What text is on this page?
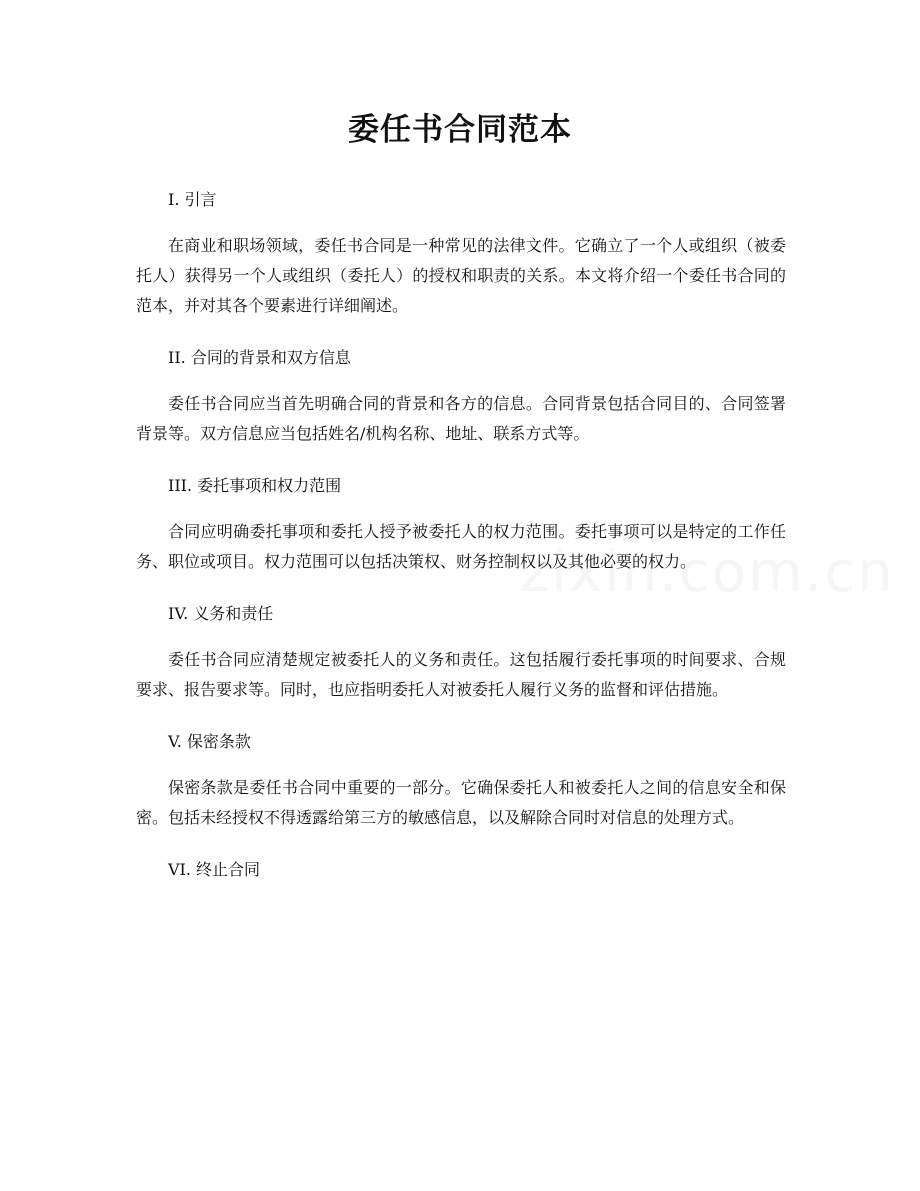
委任书合同范本
I. 引言

在商业和职场领域，委任书合同是一种常见的法律文件。它确立了一个人或组织（被委托人）获得另一个人或组织（委托人）的授权和职责的关系。本文将介绍一个委任书合同的范本，并对其各个要素进行详细阐述。

II. 合同的背景和双方信息

委任书合同应当首先明确合同的背景和各方的信息。合同背景包括合同目的、合同签署背景等。双方信息应当包括姓名/机构名称、地址、联系方式等。

III. 委托事项和权力范围

合同应明确委托事项和委托人授予被委托人的权力范围。委托事项可以是特定的工作任务、职位或项目。权力范围可以包括决策权、财务控制权以及其他必要的权力。

IV. 义务和责任

委任书合同应清楚规定被委托人的义务和责任。这包括履行委托事项的时间要求、合规要求、报告要求等。同时，也应指明委托人对被委托人履行义务的监督和评估措施。

V. 保密条款

保密条款是委任书合同中重要的一部分。它确保委托人和被委托人之间的信息安全和保密。包括未经授权不得透露给第三方的敏感信息，以及解除合同时对信息的处理方式。

VI. 终止合同
